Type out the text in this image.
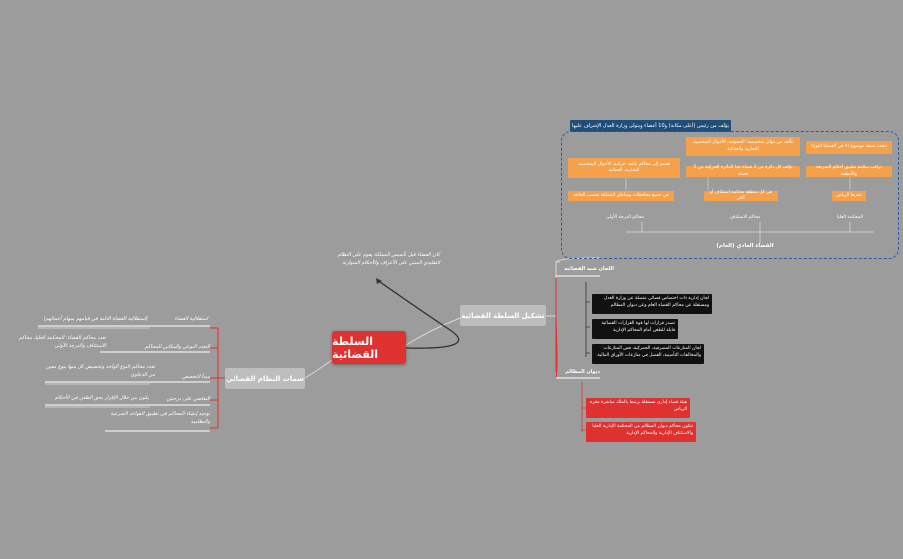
يؤلف من رئيس (أعلى مكانة) و10 أعضاء ويتولى وزارة العدل الإشراف عليها
تبحث بصفة موضوع (لا في القضايا النوع)
تتألف من دوائر متخصصة: الحقوقية، الأحوال الشخصية، التجارية والعمالية
تراقب سلامة تطبيق أحكام الشريعة والأنظمة
تؤلف كل دائرة من 3 قضاة عدا الدائرة الجزائية من 5 قضاة
تقسم إلى محاكم عامة، جزائية، الأحوال الشخصية، التجارية، العمالية
مقرها الرياض
في كل منطقة محكمة استئناف أو أكثر
في جميع محافظات ومناطق المملكة بحسب الحاجة
المحكمة العليا
محاكم الاستئناف
محاكم الدرجة الأولى
القضاء العادي (العام)
اللجان شبه القضائية
لجان إدارية ذات اختصاص قضائي متصلة عن وزارة العدل ومستقلة عن محاكم القضاء العام وعن ديوان المظالم
تصدر قرارات لها قوة القرارات القضائية قابلة للطعن أمام المحاكم الإدارية
لجان المنازعات المصرفية، الجمركية، فض المنازعات والمخالفات التأمينية، الفصل في منازعات الأوراق المالية
ديوان المظالم
هيئة قضاء إداري مستقلة يرتبط بالملك مباشرة مقره الرياض
تتكون محاكم ديوان المظالم من المحكمة الإدارية العليا والاستئناف الإدارية والمحاكم الإدارية
تشكيل السلطة القضائية
السلطة القضائية
كان القضاء قبل تأسيس المملكة يقوم على النظام التقليدي المبني على الأعراف والأحكام المتوارثة
سمات النظام القضائي
استقلالية القضاء
(استقلالية القضاة التامة في قيامهم بمهام أعمالهم)
التعدد النوعي والمكاني للمحاكم
تعدد محاكم القضاء: المحكمة العليا، محاكم الاستئناف والدرجة الأولى
مبدأ التخصص
تعدد محاكم النوع الواحد وتخصيص كل منها بنوع معين من الدعاوى
التقاضي على درجتين
يكون من خلال الإقرار بحق الطعن في الأحكام
توحيد إنشاء المحاكم في تطبيق القواعد الشرعية والنظامية
